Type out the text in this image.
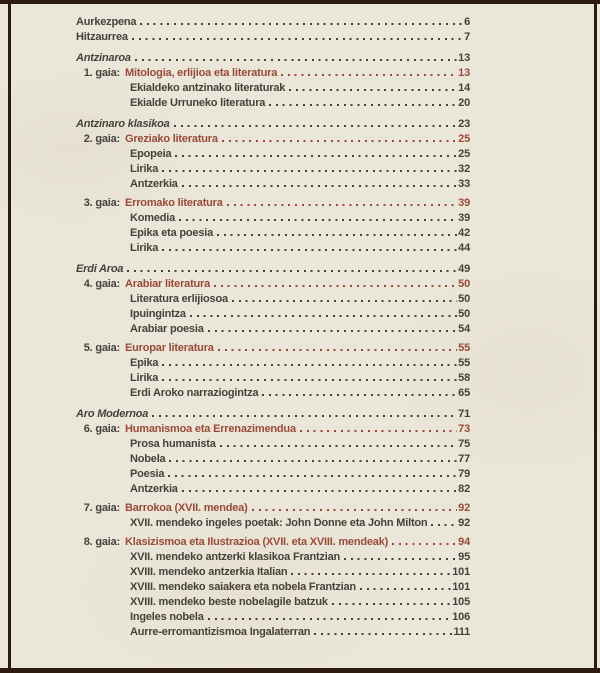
Aurkezpena	6
Hitzaurrea	7
Antzinaroa	13
1. gaia: Mitologia, erlijioa eta literatura	13
Ekialdeko antzinako literaturak	14
Ekialde Urruneko literatura	20
Antzinaro klasikoa	23
2. gaia: Greziako literatura	25
Epopeia	25
Lirika	32
Antzerkia	33
3. gaia: Erromako literatura	39
Komedia	39
Epika eta poesia	42
Lirika	44
Erdi Aroa	49
4. gaia: Arabiar literatura	50
Literatura erlijiosoa	50
Ipuingintza	50
Arabiar poesia	54
5. gaia: Europar literatura	55
Epika	55
Lirika	58
Erdi Aroko narraziogintza	65
Aro Modernoa	71
6. gaia: Humanismoa eta Errenazimendua	73
Prosa humanista	75
Nobela	77
Poesia	79
Antzerkia	82
7. gaia: Barrokoa (XVII. mendea)	92
XVII. mendeko ingeles poetak: John Donne eta John Milton	92
8. gaia: Klasizismoa eta Ilustrazioa (XVII. eta XVIII. mendeak)	94
XVII. mendeko antzerki klasikoa Frantzian	95
XVIII. mendeko antzerkia Italian	101
XVIII. mendeko saiakera eta nobela Frantzian	101
XVIII. mendeko beste nobelagile batzuk	105
Ingeles nobela	106
Aurre-erromantizismoa Ingalaterran	111
